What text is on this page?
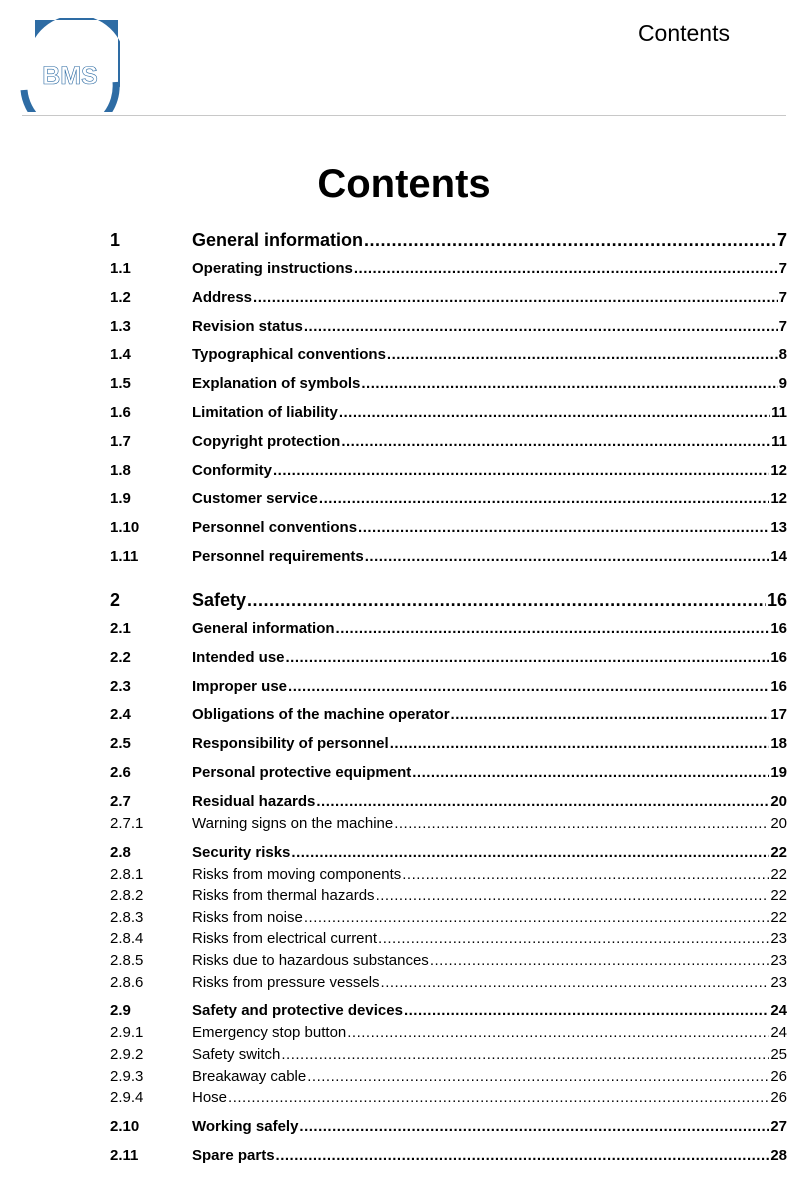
BMS
Contents
Contents
1	General information .....	7
1.1	Operating instructions .....	7
1.2	Address .....	7
1.3	Revision status .....	7
1.4	Typographical conventions .....	8
1.5	Explanation of symbols .....	9
1.6	Limitation of liability .....	11
1.7	Copyright protection .....	11
1.8	Conformity .....	12
1.9	Customer service .....	12
1.10	Personnel conventions .....	13
1.11	Personnel requirements .....	14
2	Safety .....	16
2.1	General information .....	16
2.2	Intended use .....	16
2.3	Improper use .....	16
2.4	Obligations of the machine operator .....	17
2.5	Responsibility of personnel .....	18
2.6	Personal protective equipment .....	19
2.7	Residual hazards .....	20
2.7.1	Warning signs on the machine .....	20
2.8	Security risks .....	22
2.8.1	Risks from moving components .....	22
2.8.2	Risks from thermal hazards .....	22
2.8.3	Risks from noise .....	22
2.8.4	Risks from electrical current .....	23
2.8.5	Risks due to hazardous substances .....	23
2.8.6	Risks from pressure vessels .....	23
2.9	Safety and protective devices .....	24
2.9.1	Emergency stop button .....	24
2.9.2	Safety switch .....	25
2.9.3	Breakaway cable .....	26
2.9.4	Hose .....	26
2.10	Working safely .....	27
2.11	Spare parts .....	28
